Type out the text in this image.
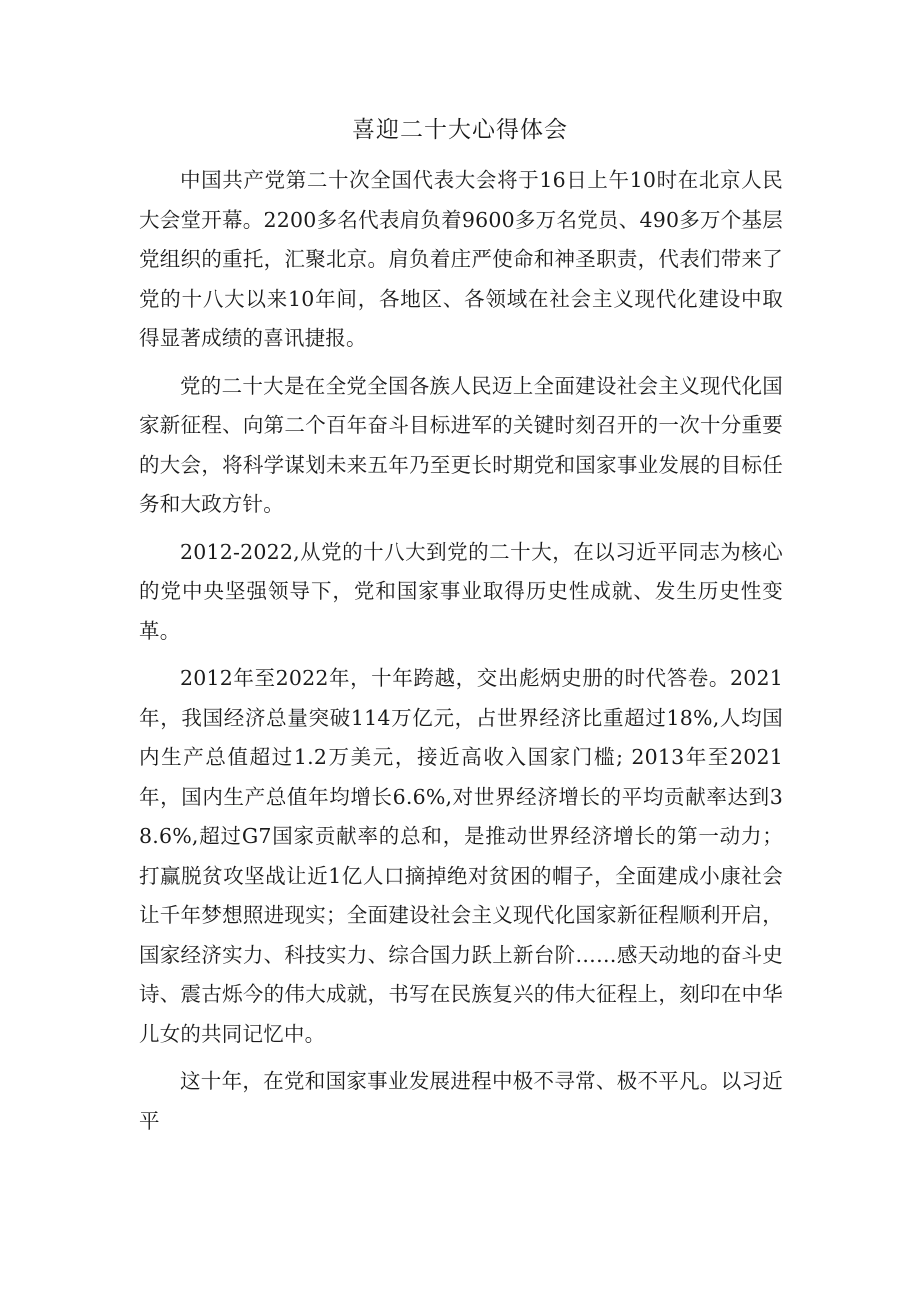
喜迎二十大心得体会

中国共产党第二十次全国代表大会将于16日上午10时在北京人民大会堂开幕。2200多名代表肩负着9600多万名党员、490多万个基层党组织的重托，汇聚北京。肩负着庄严使命和神圣职责，代表们带来了党的十八大以来10年间，各地区、各领域在社会主义现代化建设中取得显著成绩的喜讯捷报。

党的二十大是在全党全国各族人民迈上全面建设社会主义现代化国家新征程、向第二个百年奋斗目标进军的关键时刻召开的一次十分重要的大会，将科学谋划未来五年乃至更长时期党和国家事业发展的目标任务和大政方针。

2012-2022,从党的十八大到党的二十大，在以习近平同志为核心的党中央坚强领导下，党和国家事业取得历史性成就、发生历史性变革。

2012年至2022年，十年跨越，交出彪炳史册的时代答卷。2021年，我国经济总量突破114万亿元，占世界经济比重超过18%,人均国内生产总值超过1.2万美元，接近高收入国家门槛; 2013年至2021年，国内生产总值年均增长6.6%,对世界经济增长的平均贡献率达到38.6%,超过G7国家贡献率的总和，是推动世界经济增长的第一动力；打赢脱贫攻坚战让近1亿人口摘掉绝对贫困的帽子，全面建成小康社会让千年梦想照进现实；全面建设社会主义现代化国家新征程顺利开启，国家经济实力、科技实力、综合国力跃上新台阶……感天动地的奋斗史诗、震古烁今的伟大成就，书写在民族复兴的伟大征程上，刻印在中华儿女的共同记忆中。

这十年，在党和国家事业发展进程中极不寻常、极不平凡。以习近平
